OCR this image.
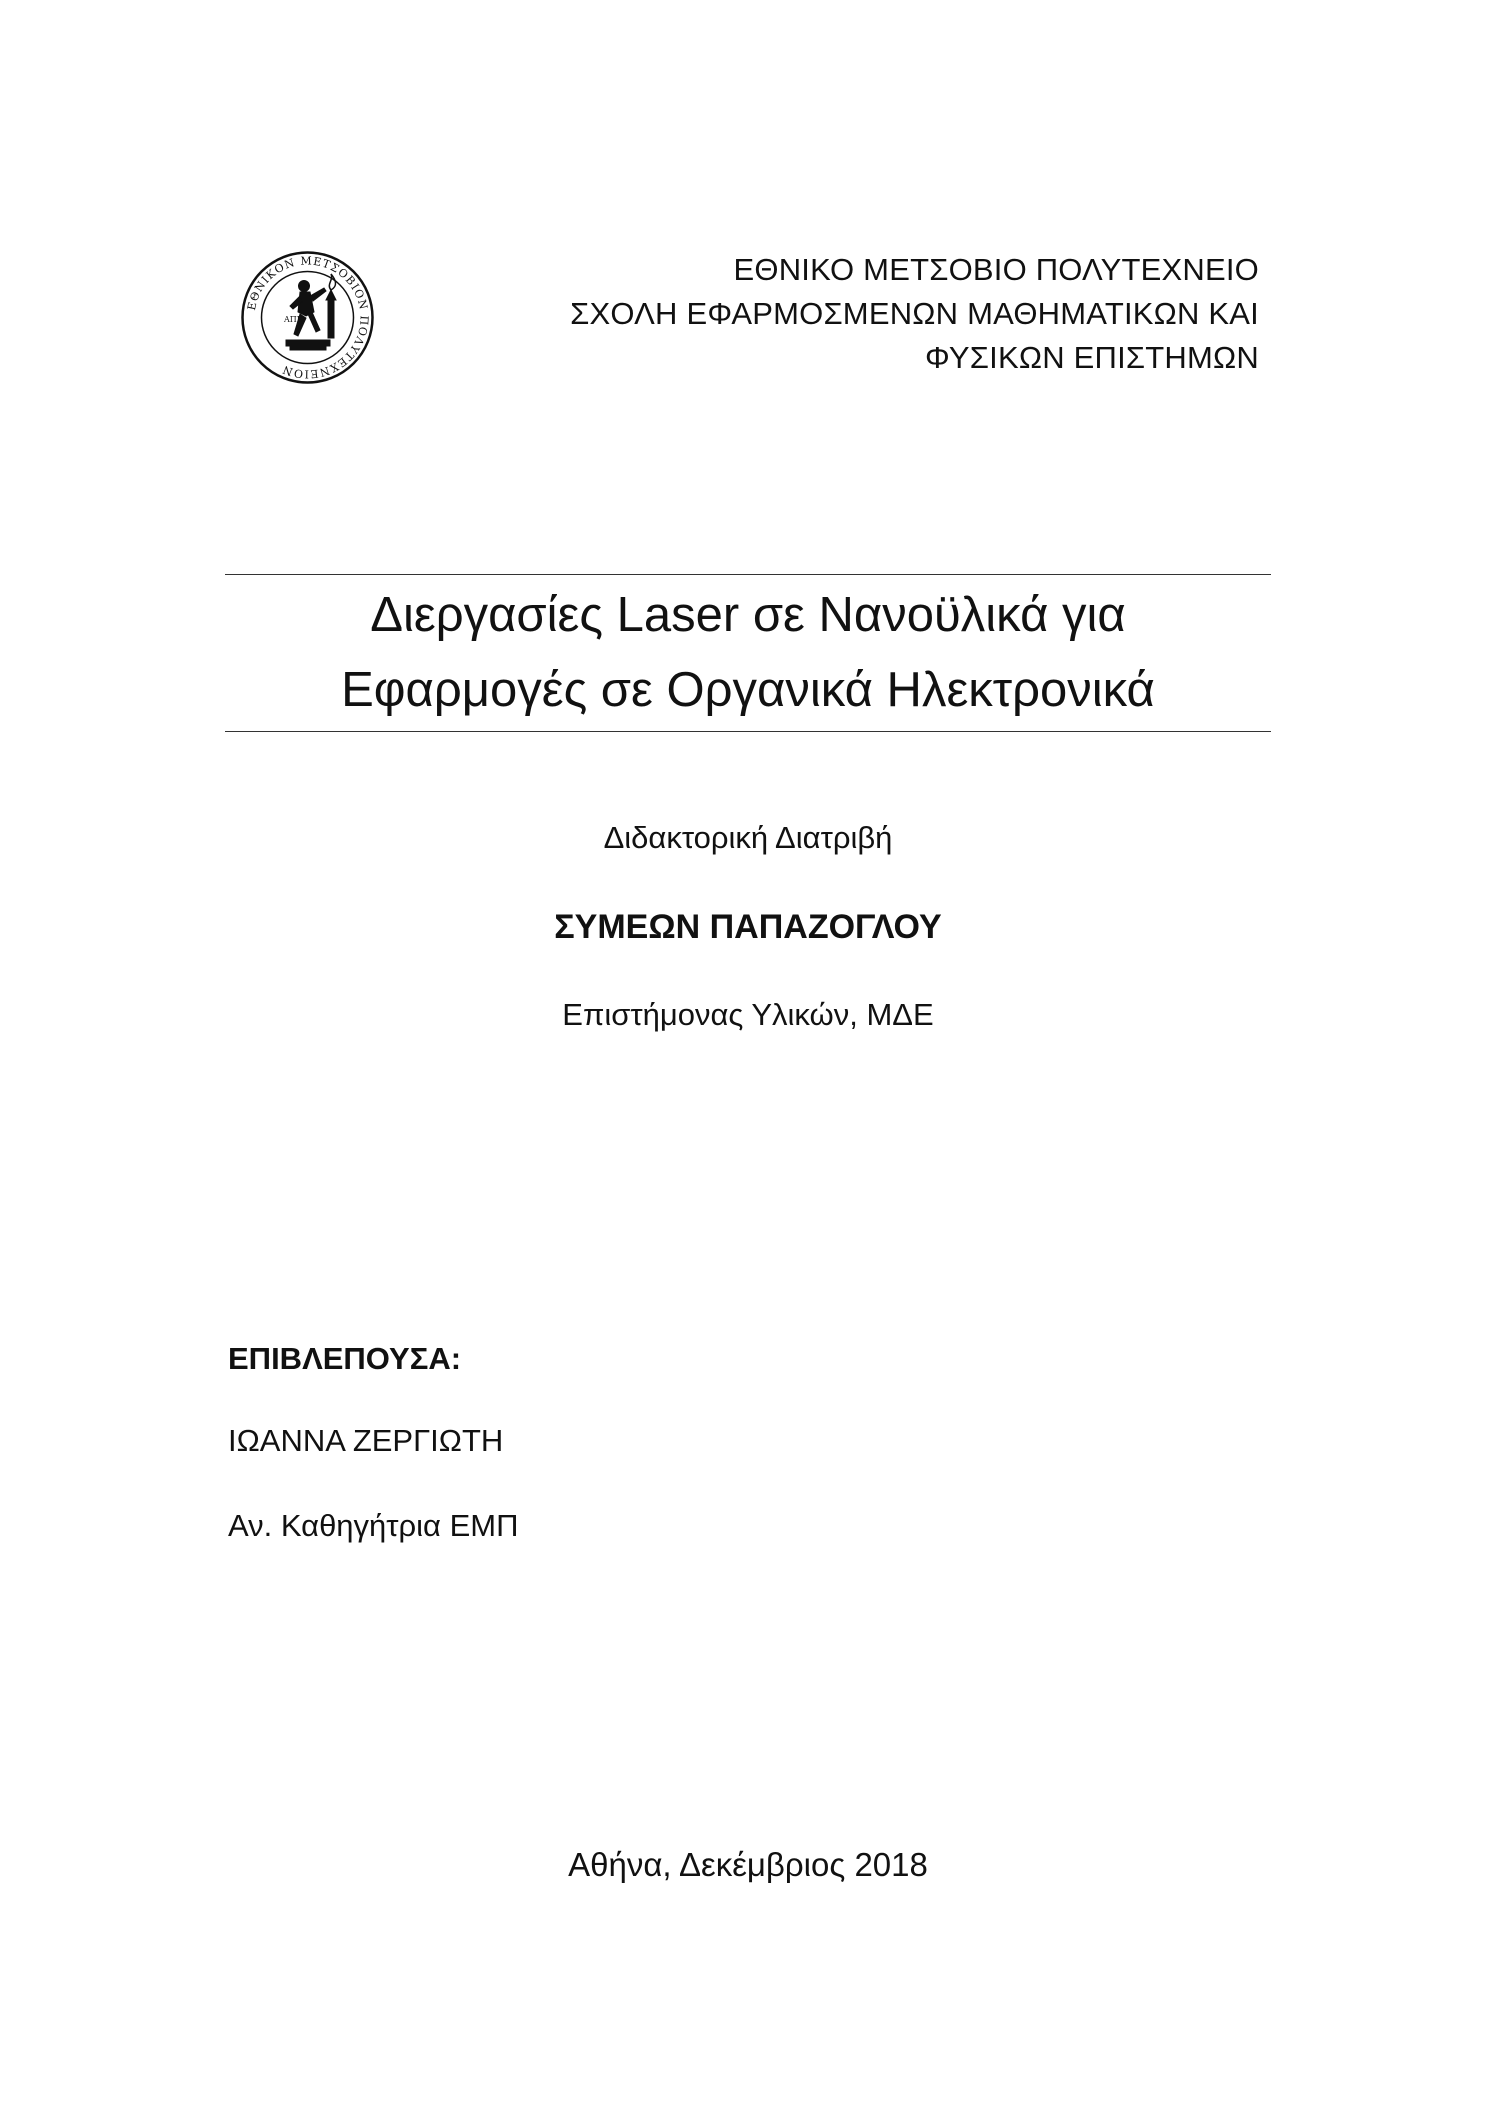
ΕΘΝΙΚΟΝ ΜΕΤΣΟΒΙΟΝ ΠΟΛΥΤΕΧΝΕΙΟΝ
ΑΠΕ
ΕΘΝΙΚΟ ΜΕΤΣΟΒΙΟ ΠΟΛΥΤΕΧΝΕΙΟ
ΣΧΟΛΗ ΕΦΑΡΜΟΣΜΕΝΩΝ ΜΑΘΗΜΑΤΙΚΩΝ ΚΑΙ
ΦΥΣΙΚΩΝ ΕΠΙΣΤΗΜΩΝ
Διεργασίες Laser σε Νανοϋλικά για
Εφαρμογές σε Οργανικά Ηλεκτρονικά
Διδακτορική Διατριβή
ΣΥΜΕΩΝ ΠΑΠΑΖΟΓΛΟΥ
Επιστήμονας Υλικών, ΜΔΕ
ΕΠΙΒΛΕΠΟΥΣΑ:
ΙΩΑΝΝΑ ΖΕΡΓΙΩΤΗ
Αν. Καθηγήτρια ΕΜΠ
Αθήνα, Δεκέμβριος 2018
